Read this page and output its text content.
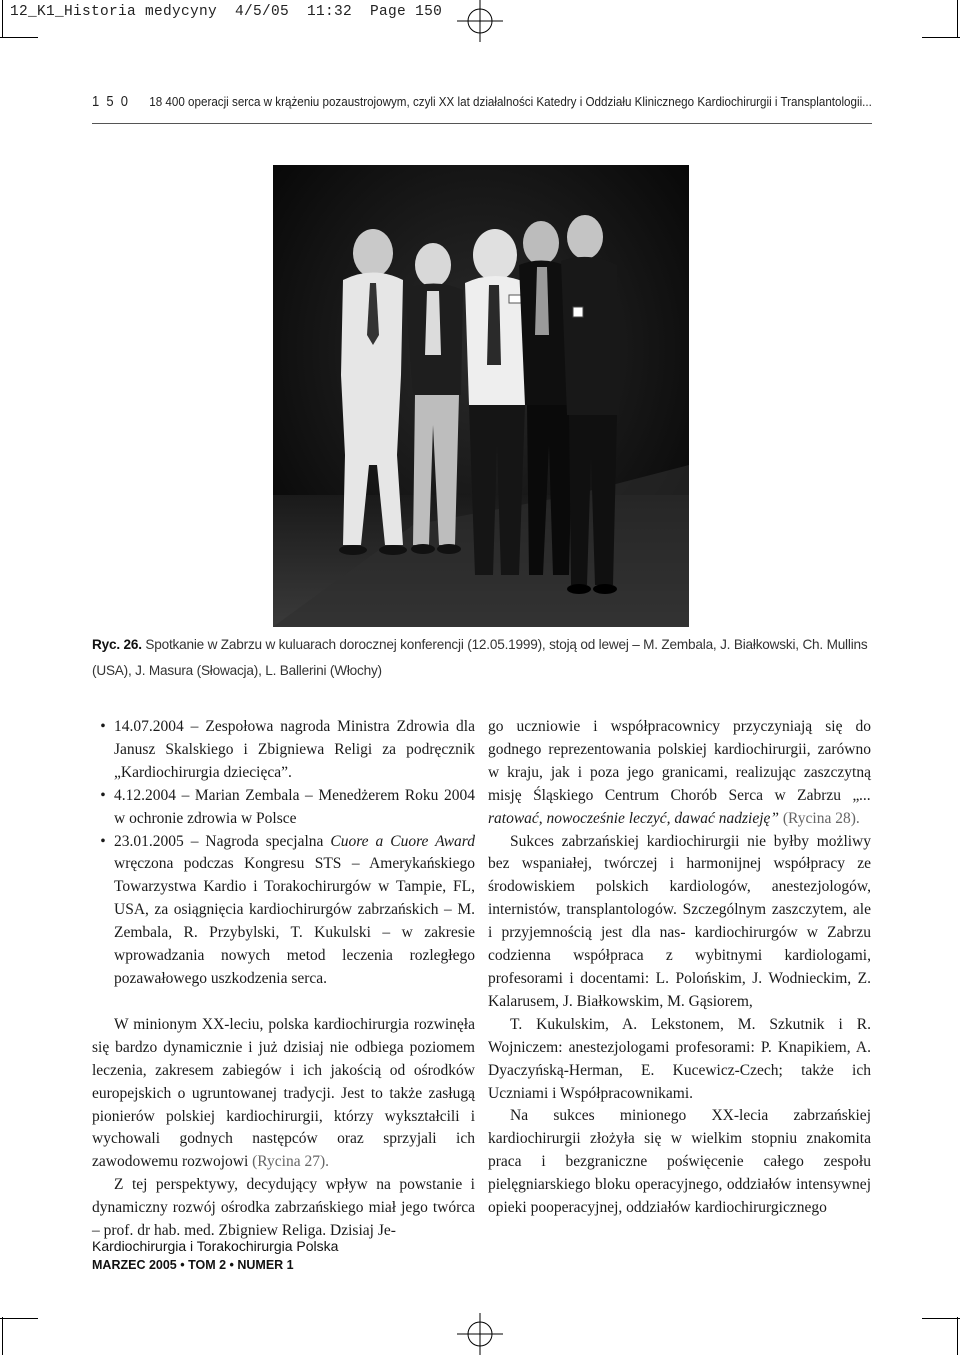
12_K1_Historia medycyny  4/5/05  11:32  Page 150
1 5 0 18 400 operacji serca w krążeniu pozaustrojowym, czyli XX lat działalności Katedry i Oddziału Klinicznego Kardiochirurgii i Transplantologii...
Ryc. 26. Spotkanie w Zabrzu w kuluarach dorocznej konferencji (12.05.1999), stoją od lewej – M. Zembala, J. Białkowski, Ch. Mullins (USA), J. Masura (Słowacja), L. Ballerini (Włochy)

• 14.07.2004 – Zespołowa nagroda Ministra Zdrowia dla Janusz Skalskiego i Zbigniewa Religi za podręcznik „Kardiochirurgia dziecięca”.

• 4.12.2004 – Marian Zembala – Menedżerem Roku 2004 w ochronie zdrowia w Polsce

• 23.01.2005 – Nagroda specjalna Cuore a Cuore Award wręczona podczas Kongresu STS – Amerykańskiego Towarzystwa Kardio i Torakochirurgów w Tampie, FL, USA, za osiągnięcia kardiochirurgów zabrzańskich – M. Zembala, R. Przybylski, T. Kukulski – w zakresie wprowadzania nowych metod leczenia rozległego pozawałowego uszkodzenia serca.

W minionym XX-leciu, polska kardiochirurgia rozwinęła się bardzo dynamicznie i już dzisiaj nie odbiega poziomem leczenia, zakresem zabiegów i ich jakością od ośrodków europejskich o ugruntowanej tradycji. Jest to także zasługą pionierów polskiej kardiochirurgii, którzy wykształcili i wychowali godnych następców oraz sprzyjali ich zawodowemu rozwojowi (Rycina 27).

Z tej perspektywy, decydujący wpływ na powstanie i dynamiczny rozwój ośrodka zabrzańskiego miał jego twórca – prof. dr hab. med. Zbigniew Religa. Dzisiaj Je-

go uczniowie i współpracownicy przyczyniają się do godnego reprezentowania polskiej kardiochirurgii, zarówno w kraju, jak i poza jego granicami, realizując zaszczytną misję Śląskiego Centrum Chorób Serca w Zabrzu „... ratować, nowocześnie leczyć, dawać nadzieję” (Rycina 28).

Sukces zabrzańskiej kardiochirurgii nie byłby możliwy bez wspaniałej, twórczej i harmonijnej współpracy ze środowiskiem polskich kardiologów, anestezjologów, internistów, transplantologów. Szczególnym zaszczytem, ale i przyjemnością jest dla nas- kardiochirurgów w Zabrzu codzienna współpraca z wybitnymi kardiologami, profesorami i docentami: L. Polońskim, J. Wodnieckim, Z. Kalarusem, J. Białkowskim, M. Gąsiorem,

T. Kukulskim, A. Lekstonem, M. Szkutnik i R. Wojniczem: anestezjologami profesorami: P. Knapikiem, A. Dyaczyńską-Herman, E. Kucewicz-Czech; także ich Uczniami i Współpracownikami.

Na sukces minionego XX-lecia zabrzańskiej kardiochirurgii złożyła się w wielkim stopniu znakomita praca i bezgraniczne poświęcenie całego zespołu pielęgniarskiego bloku operacyjnego, oddziałów intensywnej opieki pooperacyjnej, oddziałów kardiochirurgicznego

Kardiochirurgia i Torakochirurgia Polska
MARZEC 2005 • TOM 2 • NUMER 1
